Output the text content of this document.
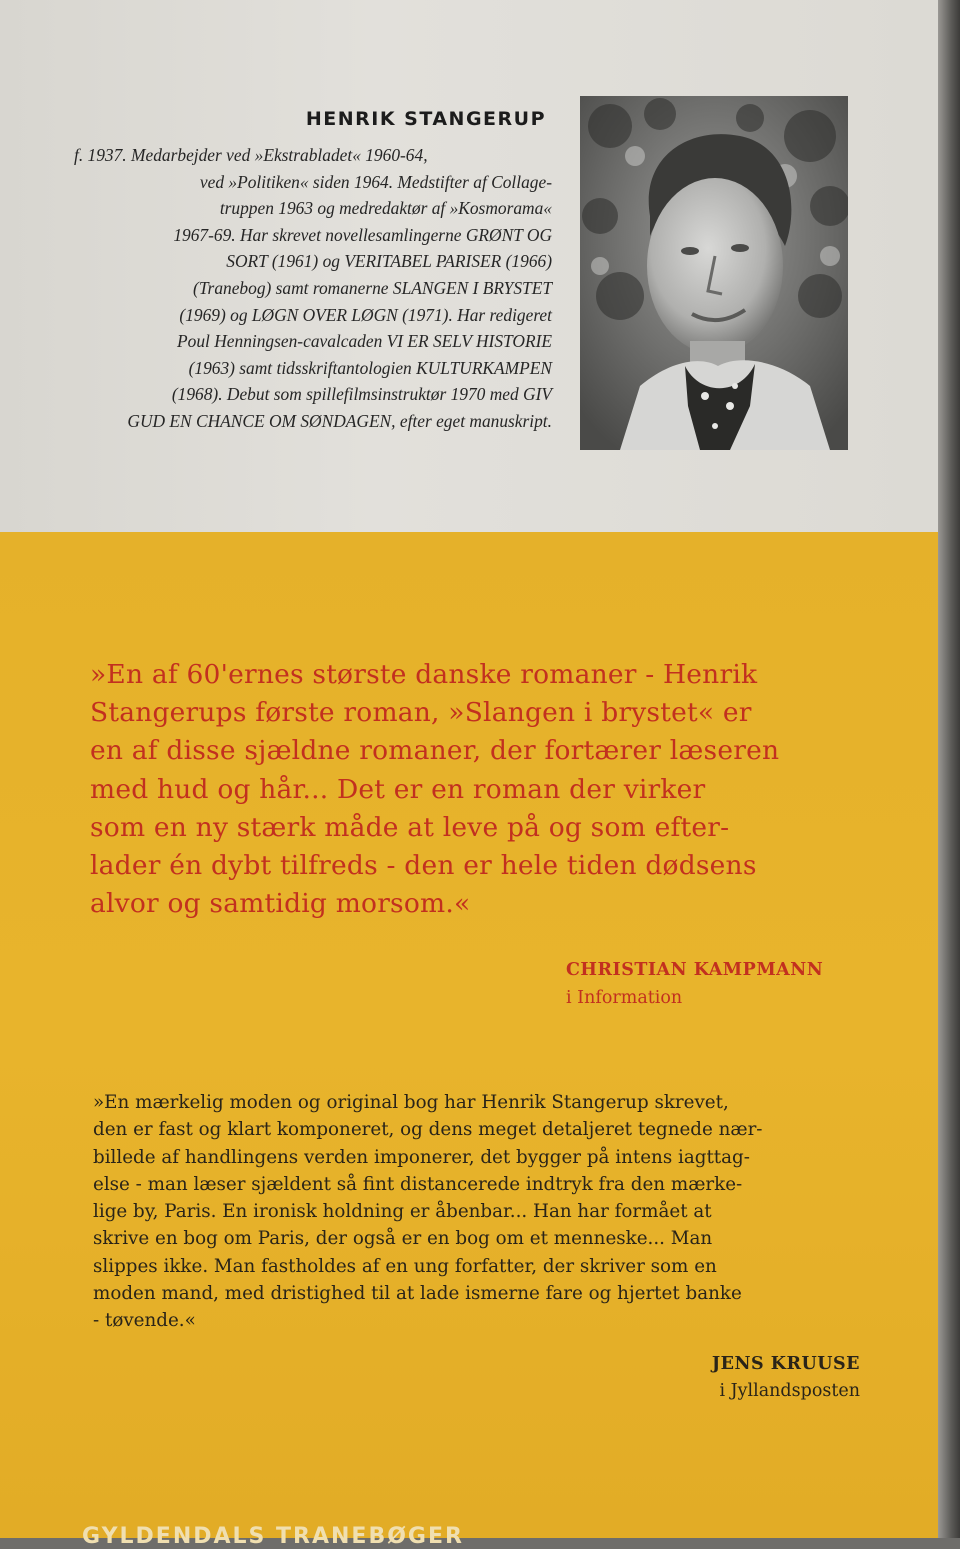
HENRIK STANGERUP
f. 1937. Medarbejder ved »Ekstrabladet« 1960-64,
ved »Politiken« siden 1964. Medstifter af Collage-
truppen 1963 og medredaktør af »Kosmorama«
1967-69. Har skrevet novellesamlingerne GRØNT OG
SORT (1961) og VERITABEL PARISER (1966)
(Tranebog) samt romanerne SLANGEN I BRYSTET
(1969) og LØGN OVER LØGN (1971). Har redigeret
Poul Henningsen-cavalcaden VI ER SELV HISTORIE
(1963) samt tidsskriftantologien KULTURKAMPEN
(1968). Debut som spillefilmsinstruktør 1970 med GIV
GUD EN CHANCE OM SØNDAGEN, efter eget manuskript.
»En af 60'ernes største danske romaner - Henrik
Stangerups første roman, »Slangen i brystet« er
en af disse sjældne romaner, der fortærer læseren
med hud og hår... Det er en roman der virker
som en ny stærk måde at leve på og som efter-
lader én dybt tilfreds - den er hele tiden dødsens
alvor og samtidig morsom.«
CHRISTIAN KAMPMANN
i Information
»En mærkelig moden og original bog har Henrik Stangerup skrevet,
den er fast og klart komponeret, og dens meget detaljeret tegnede nær-
billede af handlingens verden imponerer, det bygger på intens iagttag-
else - man læser sjældent så fint distancerede indtryk fra den mærke-
lige by, Paris. En ironisk holdning er åbenbar... Han har formået at
skrive en bog om Paris, der også er en bog om et menneske... Man
slippes ikke. Man fastholdes af en ung forfatter, der skriver som en
moden mand, med dristighed til at lade ismerne fare og hjertet banke
- tøvende.«
JENS KRUUSE
i Jyllandsposten
GYLDENDALS TRANEBØGER
